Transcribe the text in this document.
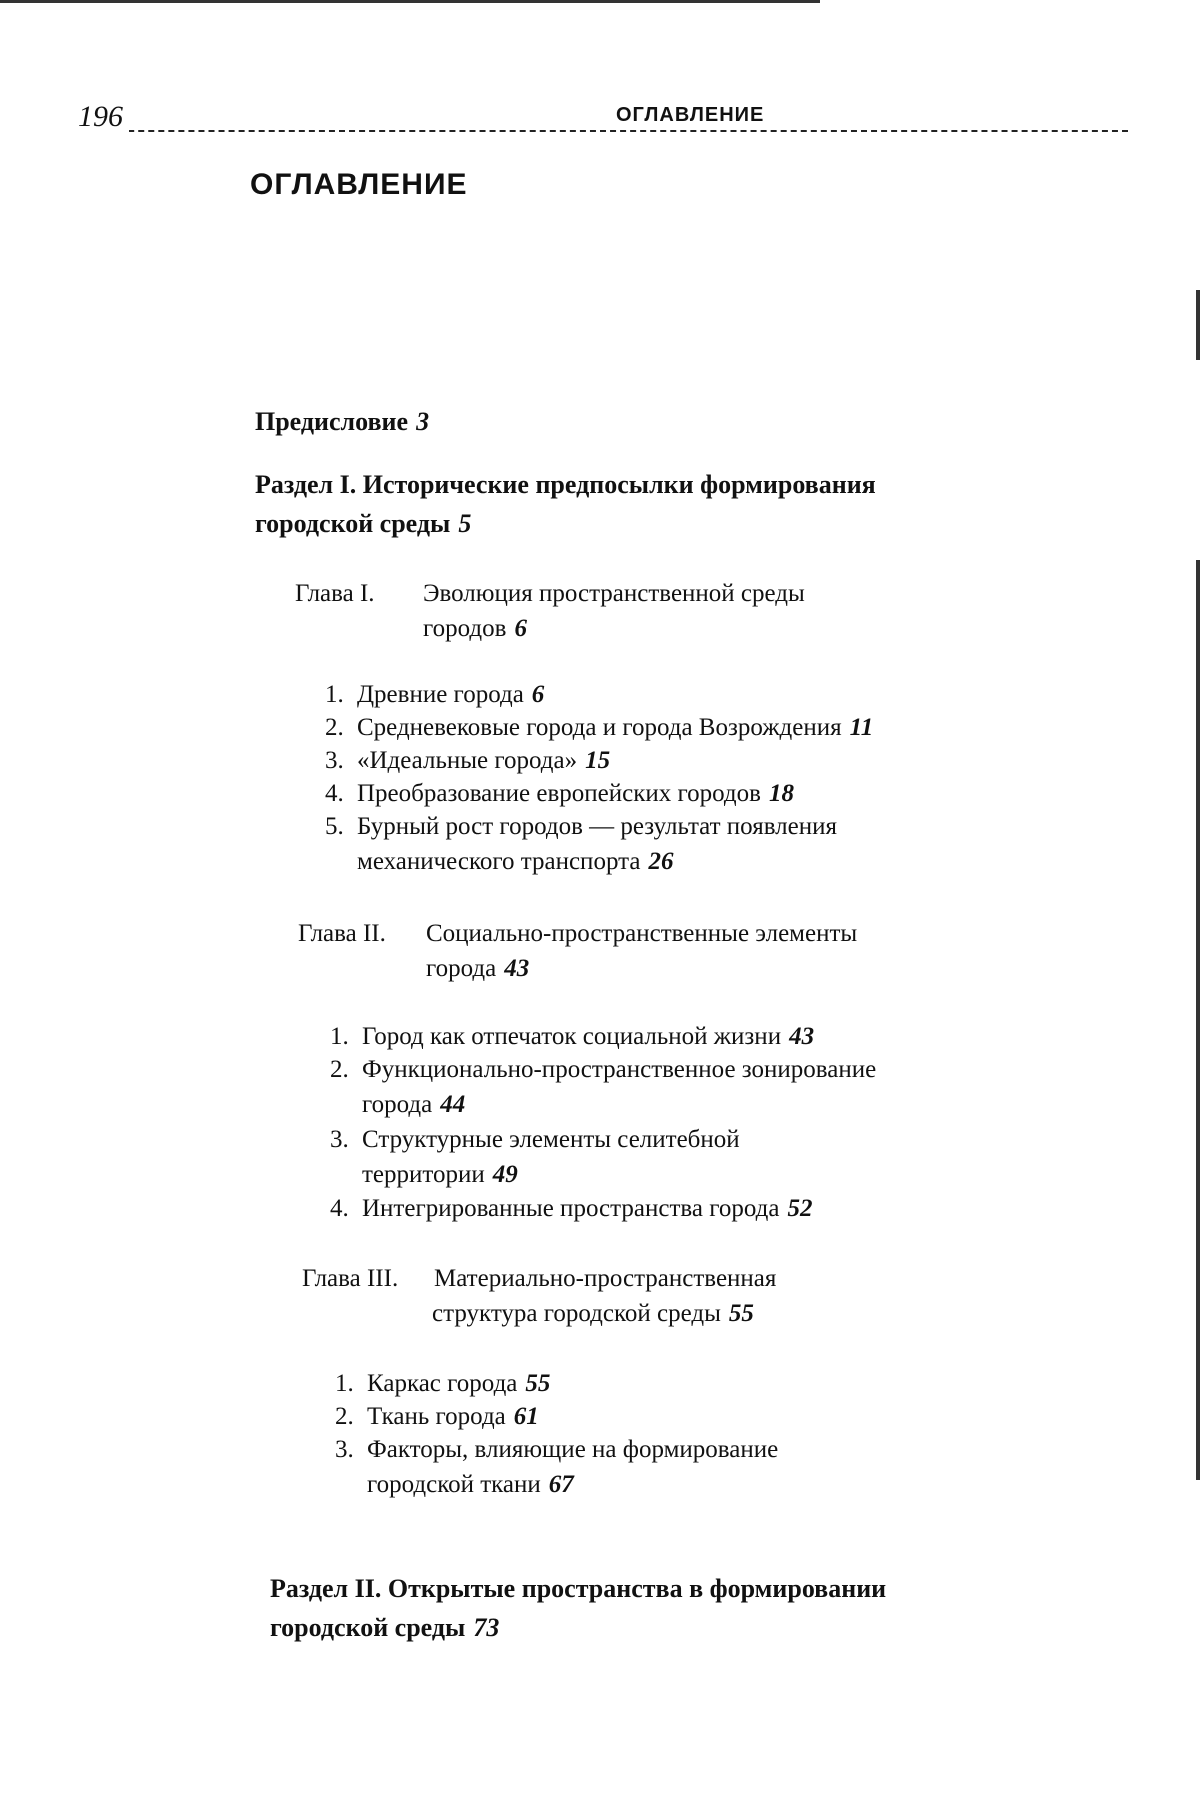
196	ОГЛАВЛЕНИЕ
ОГЛАВЛЕНИЕ
Предисловие 3
Раздел I. Исторические предпосылки формирования
городской среды 5
Глава I. Эволюция пространственной среды
городов 6
1. Древние города 6
2. Средневековые города и города Возрождения 11
3. «Идеальные города» 15
4. Преобразование европейских городов 18
5. Бурный рост городов — результат появления
механического транспорта 26
Глава II. Социально-пространственные элементы
города 43
1. Город как отпечаток социальной жизни 43
2. Функционально-пространственное зонирование
города 44
3. Структурные элементы селитебной
территории 49
4. Интегрированные пространства города 52
Глава III. Материально-пространственная
структура городской среды 55
1. Каркас города 55
2. Ткань города 61
3. Факторы, влияющие на формирование
городской ткани 67
Раздел II. Открытые пространства в формировании
городской среды 73
